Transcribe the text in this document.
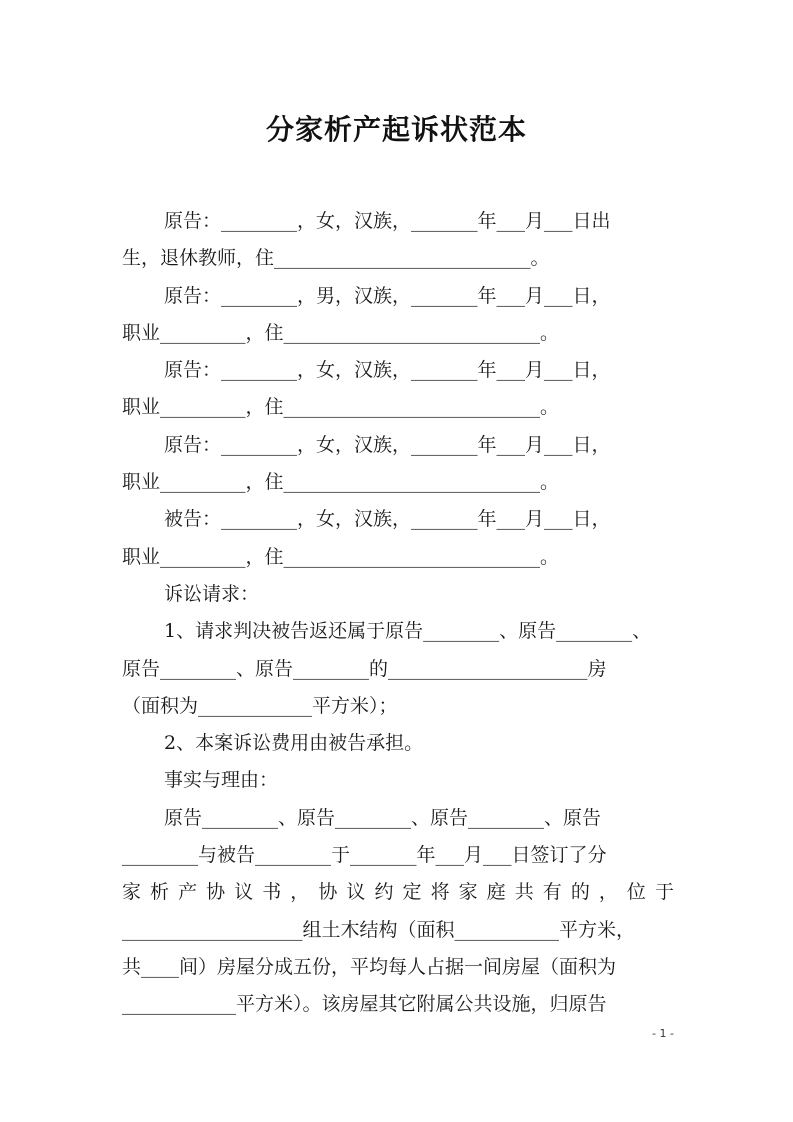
分家析产起诉状范本
原告：________，女，汉族，_______年___月___日出
生，退休教师，住___________________________。
原告：________，男，汉族，_______年___月___日，
职业_________，住___________________________。
原告：________，女，汉族，_______年___月___日，
职业_________，住___________________________。
原告：________，女，汉族，_______年___月___日，
职业_________，住___________________________。
被告：________，女，汉族，_______年___月___日，
职业_________，住___________________________。
诉讼请求：
1、请求判决被告返还属于原告________、原告________、
原告________、原告________的_____________________房
（面积为____________平方米）；
2、本案诉讼费用由被告承担。
事实与理由：
原告________、原告________、原告________、原告
________与被告________于_______年___月___日签订了分
家析产协议书，协议约定将家庭共有的，位于
___________________组土木结构（面积___________平方米，
共____间）房屋分成五份，平均每人占据一间房屋（面积为
____________平方米）。该房屋其它附属公共设施，归原告
- 1 -
